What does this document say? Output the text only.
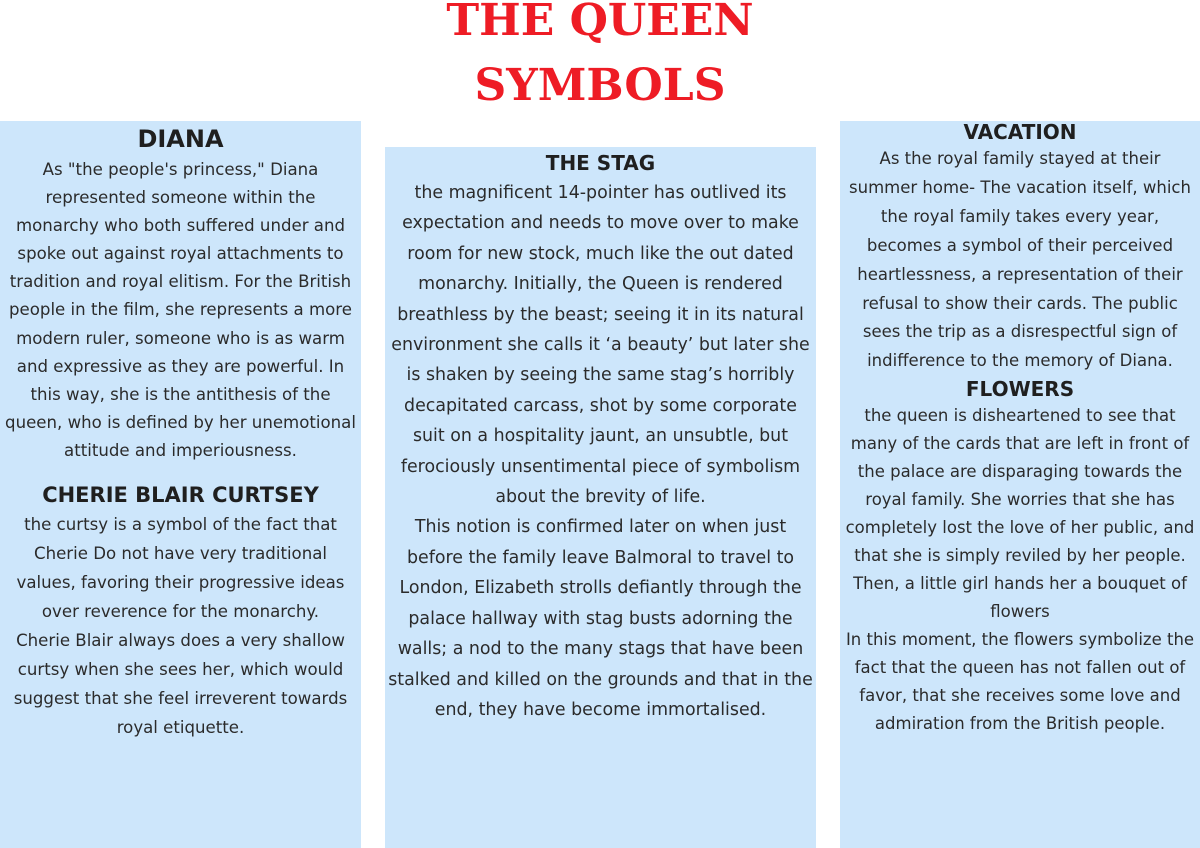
THE QUEEN
SYMBOLS
DIANA

As "the people's princess," Diana represented someone within the monarchy who both suffered under and spoke out against royal attachments to tradition and royal elitism. For the British people in the film, she represents a more modern ruler, someone who is as warm and expressive as they are powerful. In this way, she is the antithesis of the queen, who is defined by her unemotional attitude and imperiousness.

CHERIE BLAIR CURTSEY

the curtsy is a symbol of the fact that Cherie Do not have very traditional values, favoring their progressive ideas over reverence for the monarchy.

Cherie Blair always does a very shallow curtsy when she sees her, which would suggest that she feel irreverent towards royal etiquette.

THE STAG

the magnificent 14-pointer has outlived its expectation and needs to move over to make room for new stock, much like the out dated monarchy. Initially, the Queen is rendered breathless by the beast; seeing it in its natural environment she calls it ‘a beauty’ but later she is shaken by seeing the same stag’s horribly decapitated carcass, shot by some corporate suit on a hospitality jaunt, an unsubtle, but ferociously unsentimental piece of symbolism about the brevity of life.

This notion is confirmed later on when just before the family leave Balmoral to travel to London, Elizabeth strolls defiantly through the palace hallway with stag busts adorning the walls; a nod to the many stags that have been stalked and killed on the grounds and that in the end, they have become immortalised.

VACATION

As the royal family stayed at their summer home- The vacation itself, which the royal family takes every year, becomes a symbol of their perceived heartlessness, a representation of their refusal to show their cards. The public sees the trip as a disrespectful sign of indifference to the memory of Diana.

FLOWERS

the queen is disheartened to see that many of the cards that are left in front of the palace are disparaging towards the royal family. She worries that she has completely lost the love of her public, and that she is simply reviled by her people. Then, a little girl hands her a bouquet of flowers

In this moment, the flowers symbolize the fact that the queen has not fallen out of favor, that she receives some love and admiration from the British people.
